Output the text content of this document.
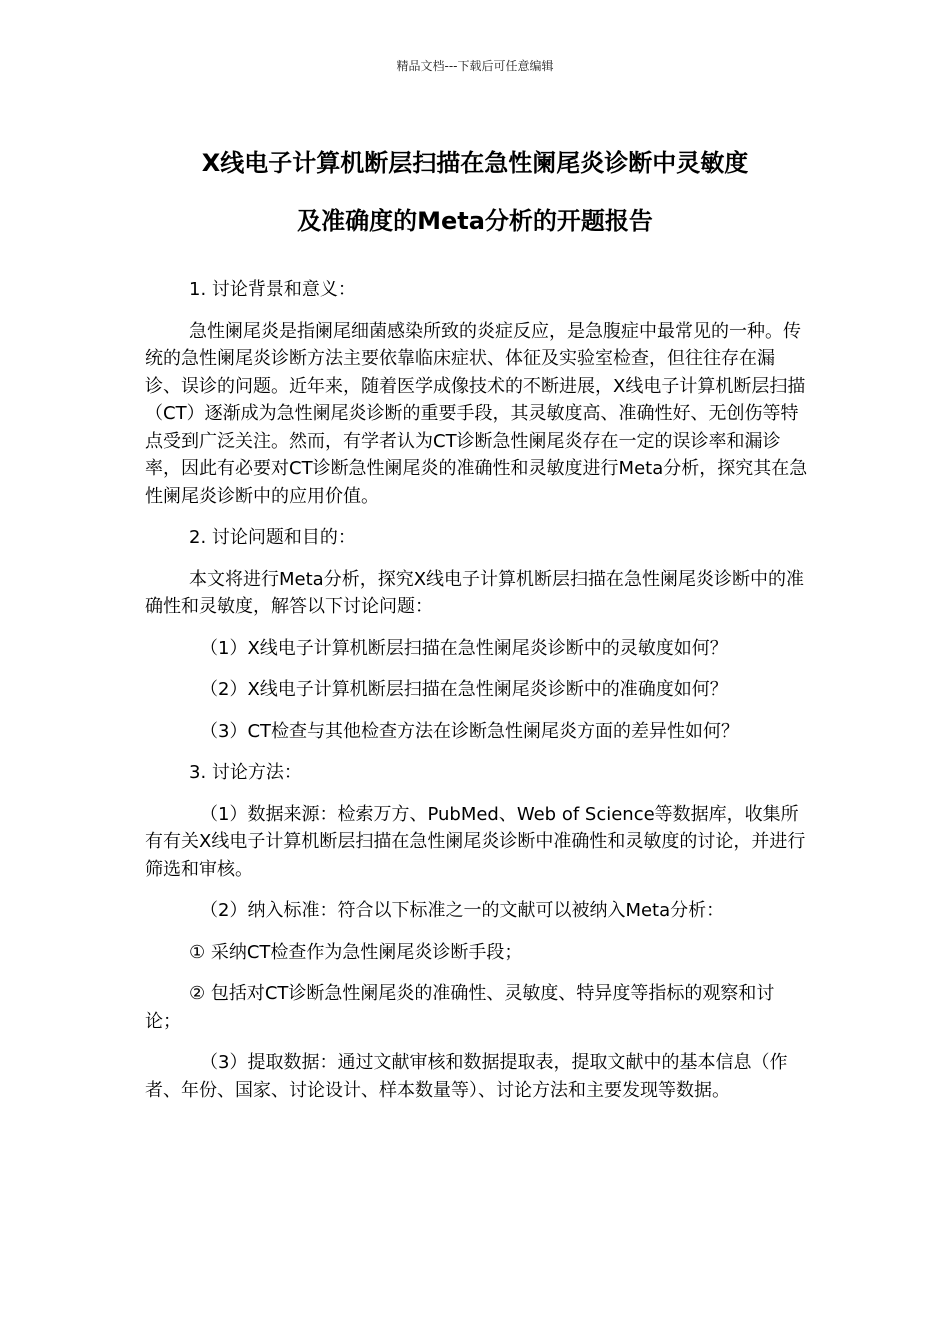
精品文档---下载后可任意编辑
X线电子计算机断层扫描在急性阑尾炎诊断中灵敏度
及准确度的Meta分析的开题报告

1. 讨论背景和意义：

急性阑尾炎是指阑尾细菌感染所致的炎症反应，是急腹症中最常见的一种。传统的急性阑尾炎诊断方法主要依靠临床症状、体征及实验室检查，但往往存在漏诊、误诊的问题。近年来，随着医学成像技术的不断进展，X线电子计算机断层扫描（CT）逐渐成为急性阑尾炎诊断的重要手段，其灵敏度高、准确性好、无创伤等特点受到广泛关注。然而，有学者认为CT诊断急性阑尾炎存在一定的误诊率和漏诊率，因此有必要对CT诊断急性阑尾炎的准确性和灵敏度进行Meta分析，探究其在急性阑尾炎诊断中的应用价值。

2. 讨论问题和目的：

本文将进行Meta分析，探究X线电子计算机断层扫描在急性阑尾炎诊断中的准确性和灵敏度，解答以下讨论问题：

（1）X线电子计算机断层扫描在急性阑尾炎诊断中的灵敏度如何？

（2）X线电子计算机断层扫描在急性阑尾炎诊断中的准确度如何？

（3）CT检查与其他检查方法在诊断急性阑尾炎方面的差异性如何？

3. 讨论方法：

（1）数据来源：检索万方、PubMed、Web of Science等数据库，收集所有有关X线电子计算机断层扫描在急性阑尾炎诊断中准确性和灵敏度的讨论，并进行筛选和审核。

（2）纳入标准：符合以下标准之一的文献可以被纳入Meta分析：

① 采纳CT检查作为急性阑尾炎诊断手段；

② 包括对CT诊断急性阑尾炎的准确性、灵敏度、特异度等指标的观察和讨论；

（3）提取数据：通过文献审核和数据提取表，提取文献中的基本信息（作者、年份、国家、讨论设计、样本数量等）、讨论方法和主要发现等数据。
